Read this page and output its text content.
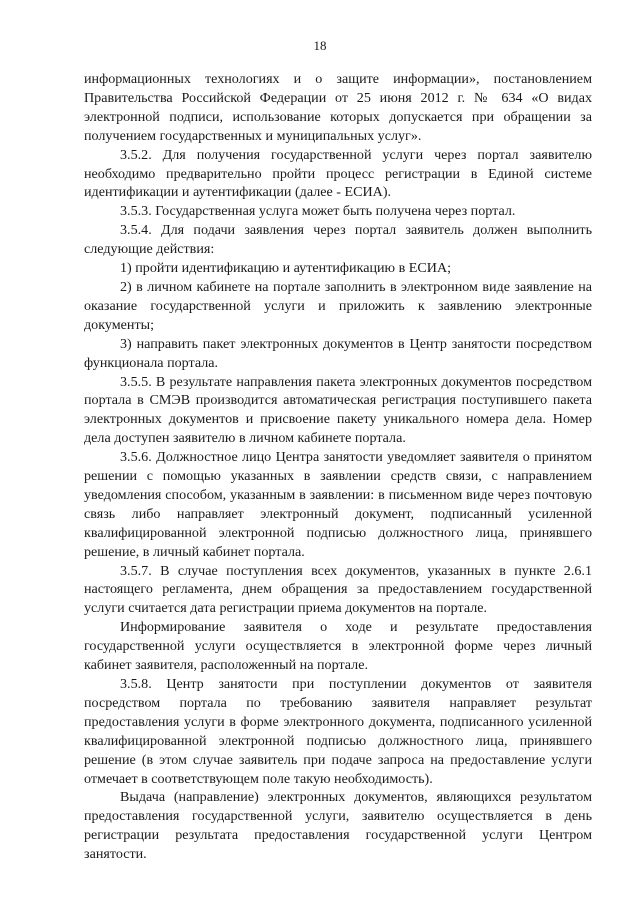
18

информационных технологиях и о защите информации», постановлением Правительства Российской Федерации от 25 июня 2012 г. № 634 «О видах электронной подписи, использование которых допускается при обращении за получением государственных и муниципальных услуг».

3.5.2. Для получения государственной услуги через портал заявителю необходимо предварительно пройти процесс регистрации в Единой системе идентификации и аутентификации (далее - ЕСИА).

3.5.3. Государственная услуга может быть получена через портал.

3.5.4. Для подачи заявления через портал заявитель должен выполнить следующие действия:

1) пройти идентификацию и аутентификацию в ЕСИА;

2) в личном кабинете на портале заполнить в электронном виде заявление на оказание государственной услуги и приложить к заявлению электронные документы;

3) направить пакет электронных документов в Центр занятости посредством функционала портала.

3.5.5. В результате направления пакета электронных документов посредством портала в СМЭВ производится автоматическая регистрация поступившего пакета электронных документов и присвоение пакету уникального номера дела. Номер дела доступен заявителю в личном кабинете портала.

3.5.6. Должностное лицо Центра занятости уведомляет заявителя о принятом решении с помощью указанных в заявлении средств связи, с направлением уведомления способом, указанным в заявлении: в письменном виде через почтовую связь либо направляет электронный документ, подписанный усиленной квалифицированной электронной подписью должностного лица, принявшего решение, в личный кабинет портала.

3.5.7. В случае поступления всех документов, указанных в пункте 2.6.1 настоящего регламента, днем обращения за предоставлением государственной услуги считается дата регистрации приема документов на портале.

Информирование заявителя о ходе и результате предоставления государственной услуги осуществляется в электронной форме через личный кабинет заявителя, расположенный на портале.

3.5.8. Центр занятости при поступлении документов от заявителя посредством портала по требованию заявителя направляет результат предоставления услуги в форме электронного документа, подписанного усиленной квалифицированной электронной подписью должностного лица, принявшего решение (в этом случае заявитель при подаче запроса на предоставление услуги отмечает в соответствующем поле такую необходимость).

Выдача (направление) электронных документов, являющихся результатом предоставления государственной услуги, заявителю осуществляется в день регистрации результата предоставления государственной услуги Центром занятости.
